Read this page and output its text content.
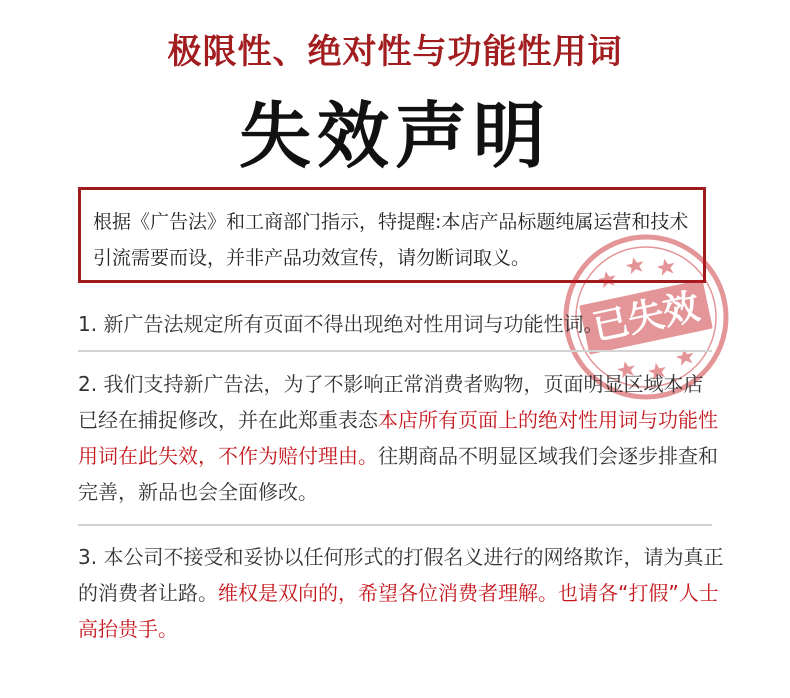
极限性、绝对性与功能性用词
失效声明
根据《广告法》和工商部门指示，特提醒:本店产品标题纯属运营和技术引流需要而设，并非产品功效宣传，请勿断词取义。
已失效
1. 新广告法规定所有页面不得出现绝对性用词与功能性词。
2. 我们支持新广告法，为了不影响正常消费者购物，页面明显区域本店已经在捕捉修改，并在此郑重表态本店所有页面上的绝对性用词与功能性用词在此失效，不作为赔付理由。往期商品不明显区域我们会逐步排查和完善，新品也会全面修改。
3. 本公司不接受和妥协以任何形式的打假名义进行的网络欺诈，请为真正的消费者让路。维权是双向的，希望各位消费者理解。也请各“打假”人士高抬贵手。
